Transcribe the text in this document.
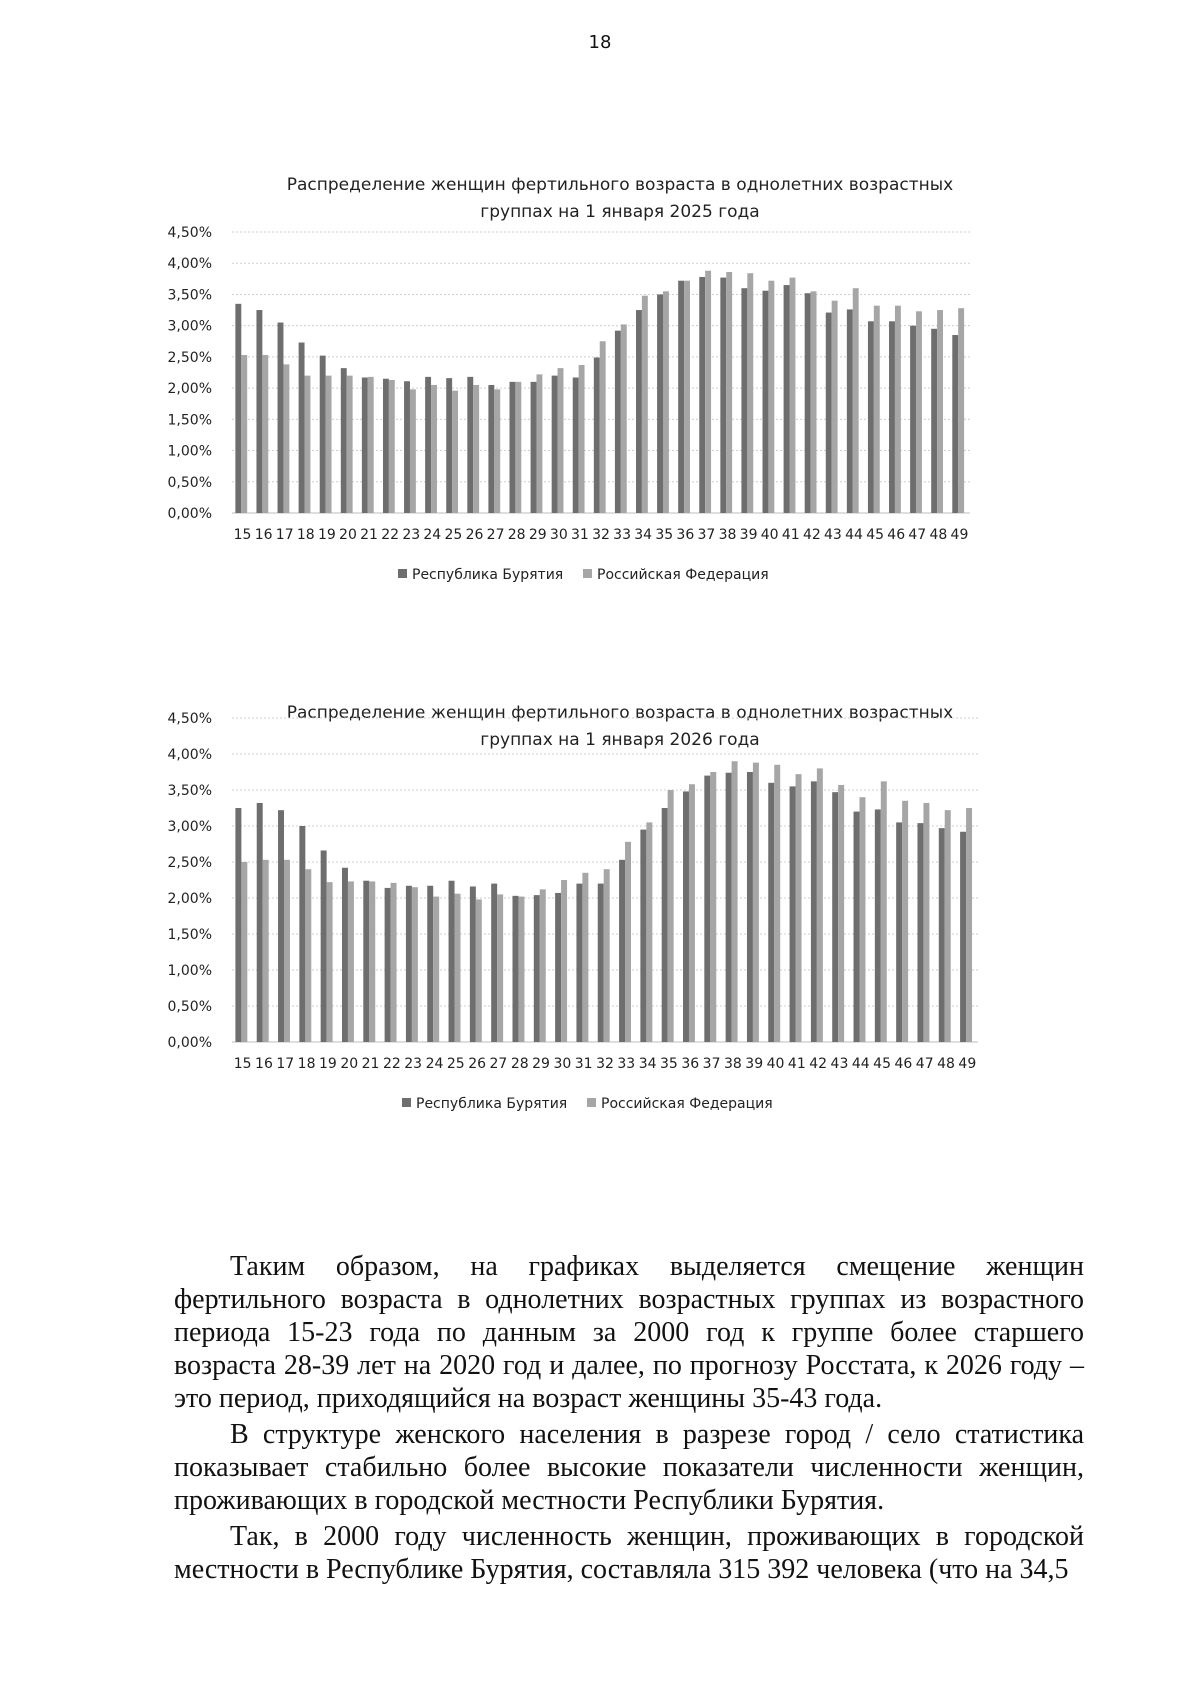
18
Распределение женщин фертильного возраста в однолетних возрастных
группах на 1 января 2025 года
0,00%
0,50%
1,00%
1,50%
2,00%
2,50%
3,00%
3,50%
4,00%
4,50%
15 16 17 18 19 20 21 22 23 24 25 26 27 28 29 30 31 32 33 34 35 36 37 38 39 40 41 42 43 44 45 46 47 48 49
Республика Бурятия Российская Федерация
Распределение женщин фертильного возраста в однолетних возрастных
группах на 1 января 2026 года
0,00%
0,50%
1,00%
1,50%
2,00%
2,50%
3,00%
3,50%
4,00%
4,50%
15 16 17 18 19 20 21 22 23 24 25 26 27 28 29 30 31 32 33 34 35 36 37 38 39 40 41 42 43 44 45 46 47 48 49
Республика Бурятия Российская Федерация

Таким образом, на графиках выделяется смещение женщин фертильного возраста в однолетних возрастных группах из возрастного периода 15-23 года по данным за 2000 год к группе более старшего возраста 28-39 лет на 2020 год и далее, по прогнозу Росстата, к 2026 году – это период, приходящийся на возраст женщины 35-43 года.

В структуре женского населения в разрезе город / село статистика показывает стабильно более высокие показатели численности женщин, проживающих в городской местности Республики Бурятия.

Так, в 2000 году численность женщин, проживающих в городской местности в Республике Бурятия, составляла 315 392 человека (что на 34,5
